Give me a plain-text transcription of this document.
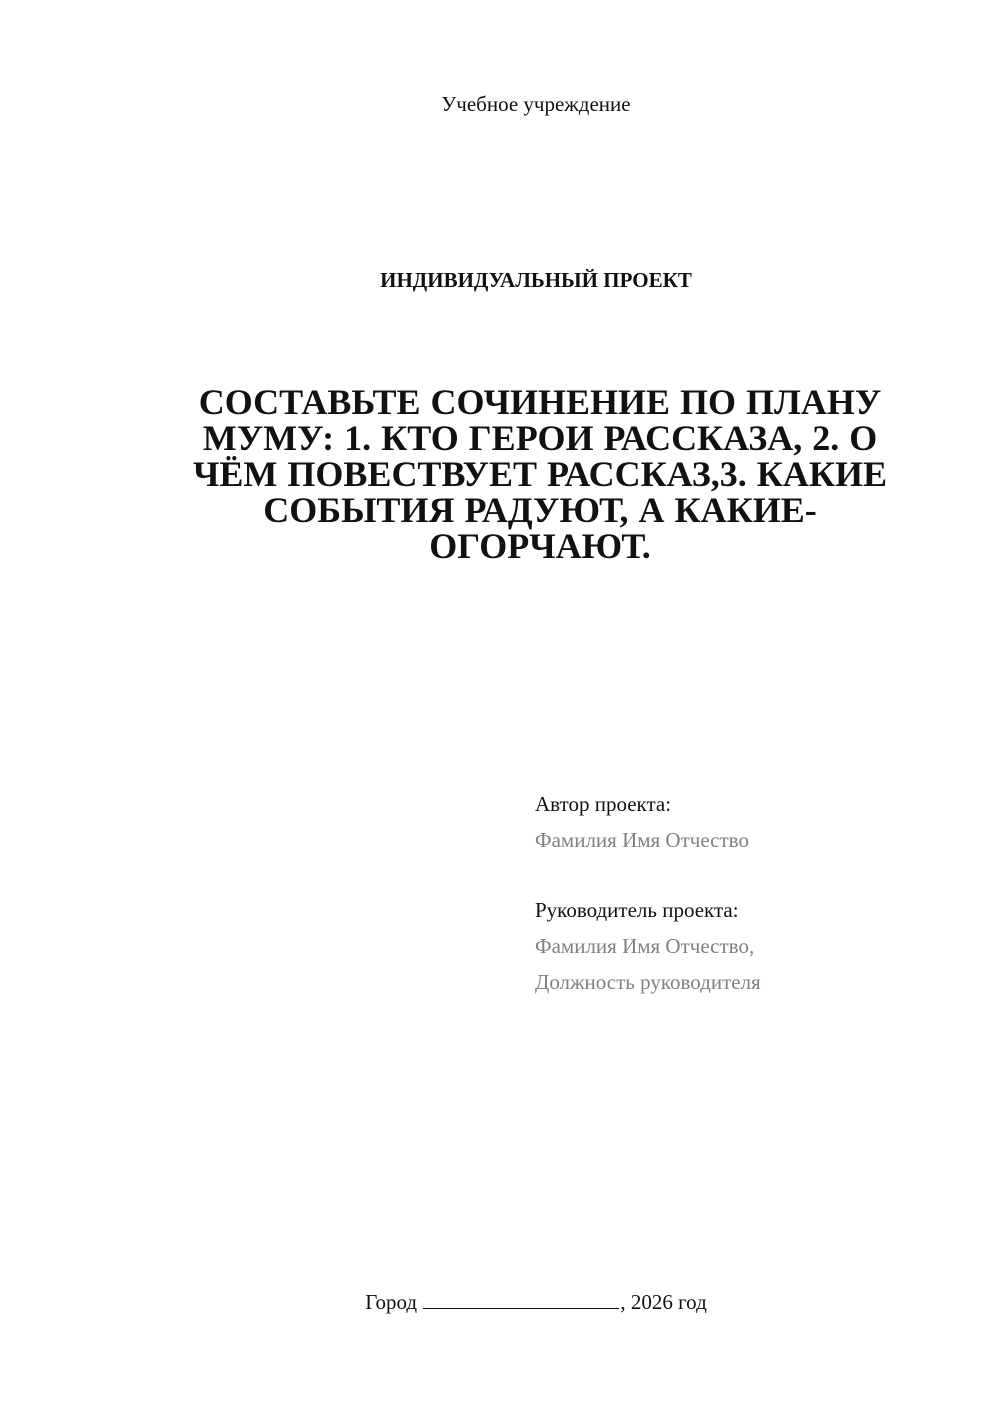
Учебное учреждение
ИНДИВИДУАЛЬНЫЙ ПРОЕКТ
СОСТАВЬТЕ СОЧИНЕНИЕ ПО ПЛАНУ МУМУ: 1. КТО ГЕРОИ РАССКАЗА, 2. О ЧЁМ ПОВЕСТВУЕТ РАССКАЗ,3. КАКИЕ СОБЫТИЯ РАДУЮТ, А КАКИЕ-ОГОРЧАЮТ.
Автор проекта:
Фамилия Имя Отчество
Руководитель проекта:
Фамилия Имя Отчество,
Должность руководителя
Город	, 2026 год
